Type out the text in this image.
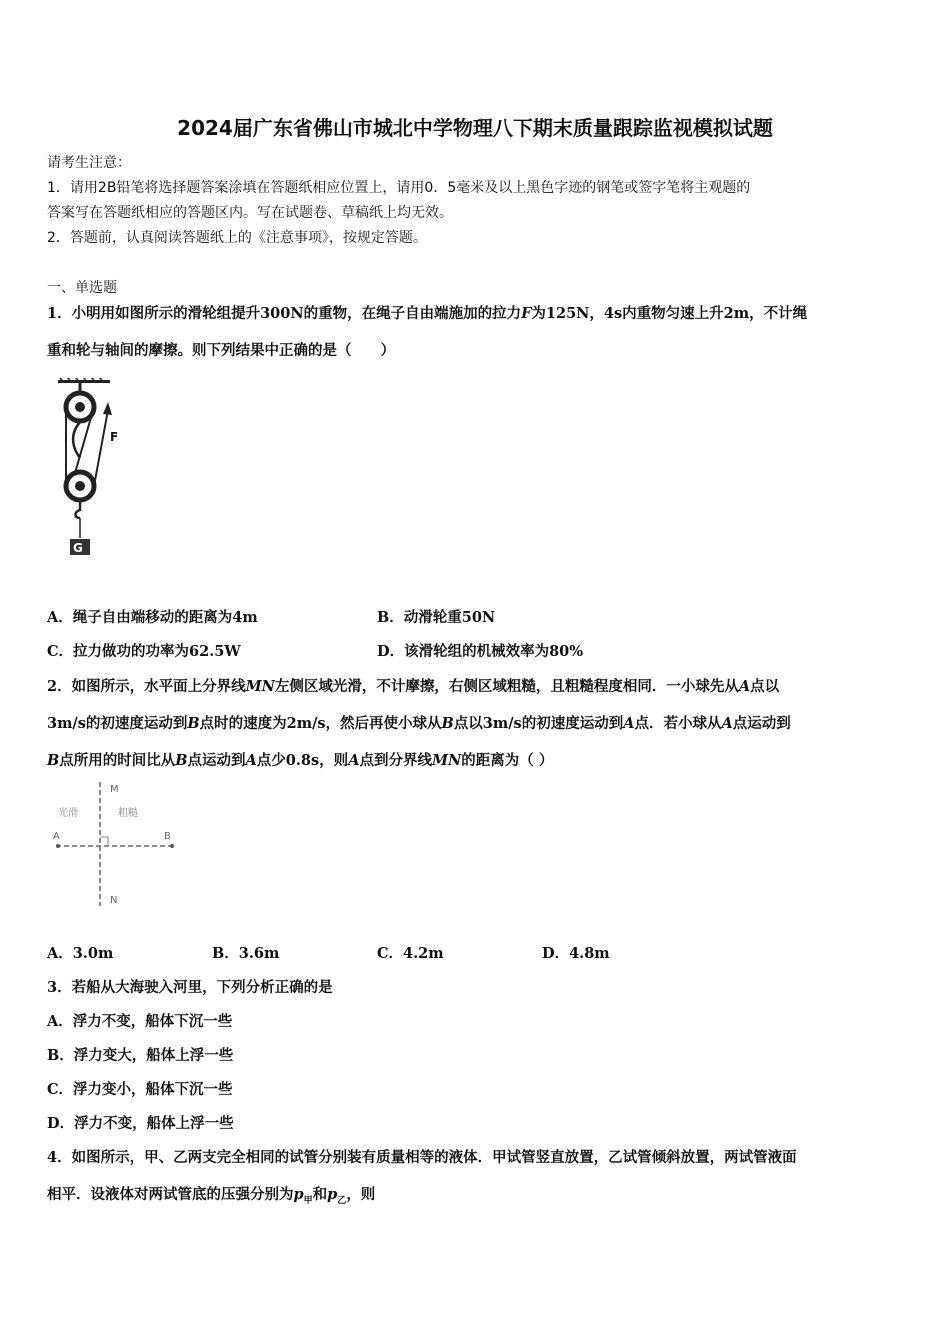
2024届广东省佛山市城北中学物理八下期末质量跟踪监视模拟试题
请考生注意：
1．请用2B铅笔将选择题答案涂填在答题纸相应位置上，请用0．5毫米及以上黑色字迹的钢笔或签字笔将主观题的
答案写在答题纸相应的答题区内。写在试题卷、草稿纸上均无效。
2．答题前，认真阅读答题纸上的《注意事项》，按规定答题。
一、单选题
1．小明用如图所示的滑轮组提升300N的重物，在绳子自由端施加的拉力F为125N，4s内重物匀速上升2m，不计绳
重和轮与轴间的摩擦。则下列结果中正确的是（　　）
F
G
A．绳子自由端移动的距离为4m	B．动滑轮重50N
C．拉力做功的功率为62.5W	D．该滑轮组的机械效率为80%
2．如图所示，水平面上分界线MN左侧区域光滑，不计摩擦，右侧区域粗糙，且粗糙程度相同．一小球先从A点以
3m/s的初速度运动到B点时的速度为2m/s，然后再使小球从B点以3m/s的初速度运动到A点．若小球从A点运动到
B点所用的时间比从B点运动到A点少0.8s，则A点到分界线MN的距离为（ ）
M
N
A	B
光滑	粗糙
A．3.0m	B．3.6m	C．4.2m	D．4.8m
3．若船从大海驶入河里，下列分析正确的是
A．浮力不变，船体下沉一些
B．浮力变大，船体上浮一些
C．浮力变小，船体下沉一些
D．浮力不变，船体上浮一些
4．如图所示，甲、乙两支完全相同的试管分别装有质量相等的液体．甲试管竖直放置，乙试管倾斜放置，两试管液面
相平．设液体对两试管底的压强分别为$p_甲$和$p_乙$，则
